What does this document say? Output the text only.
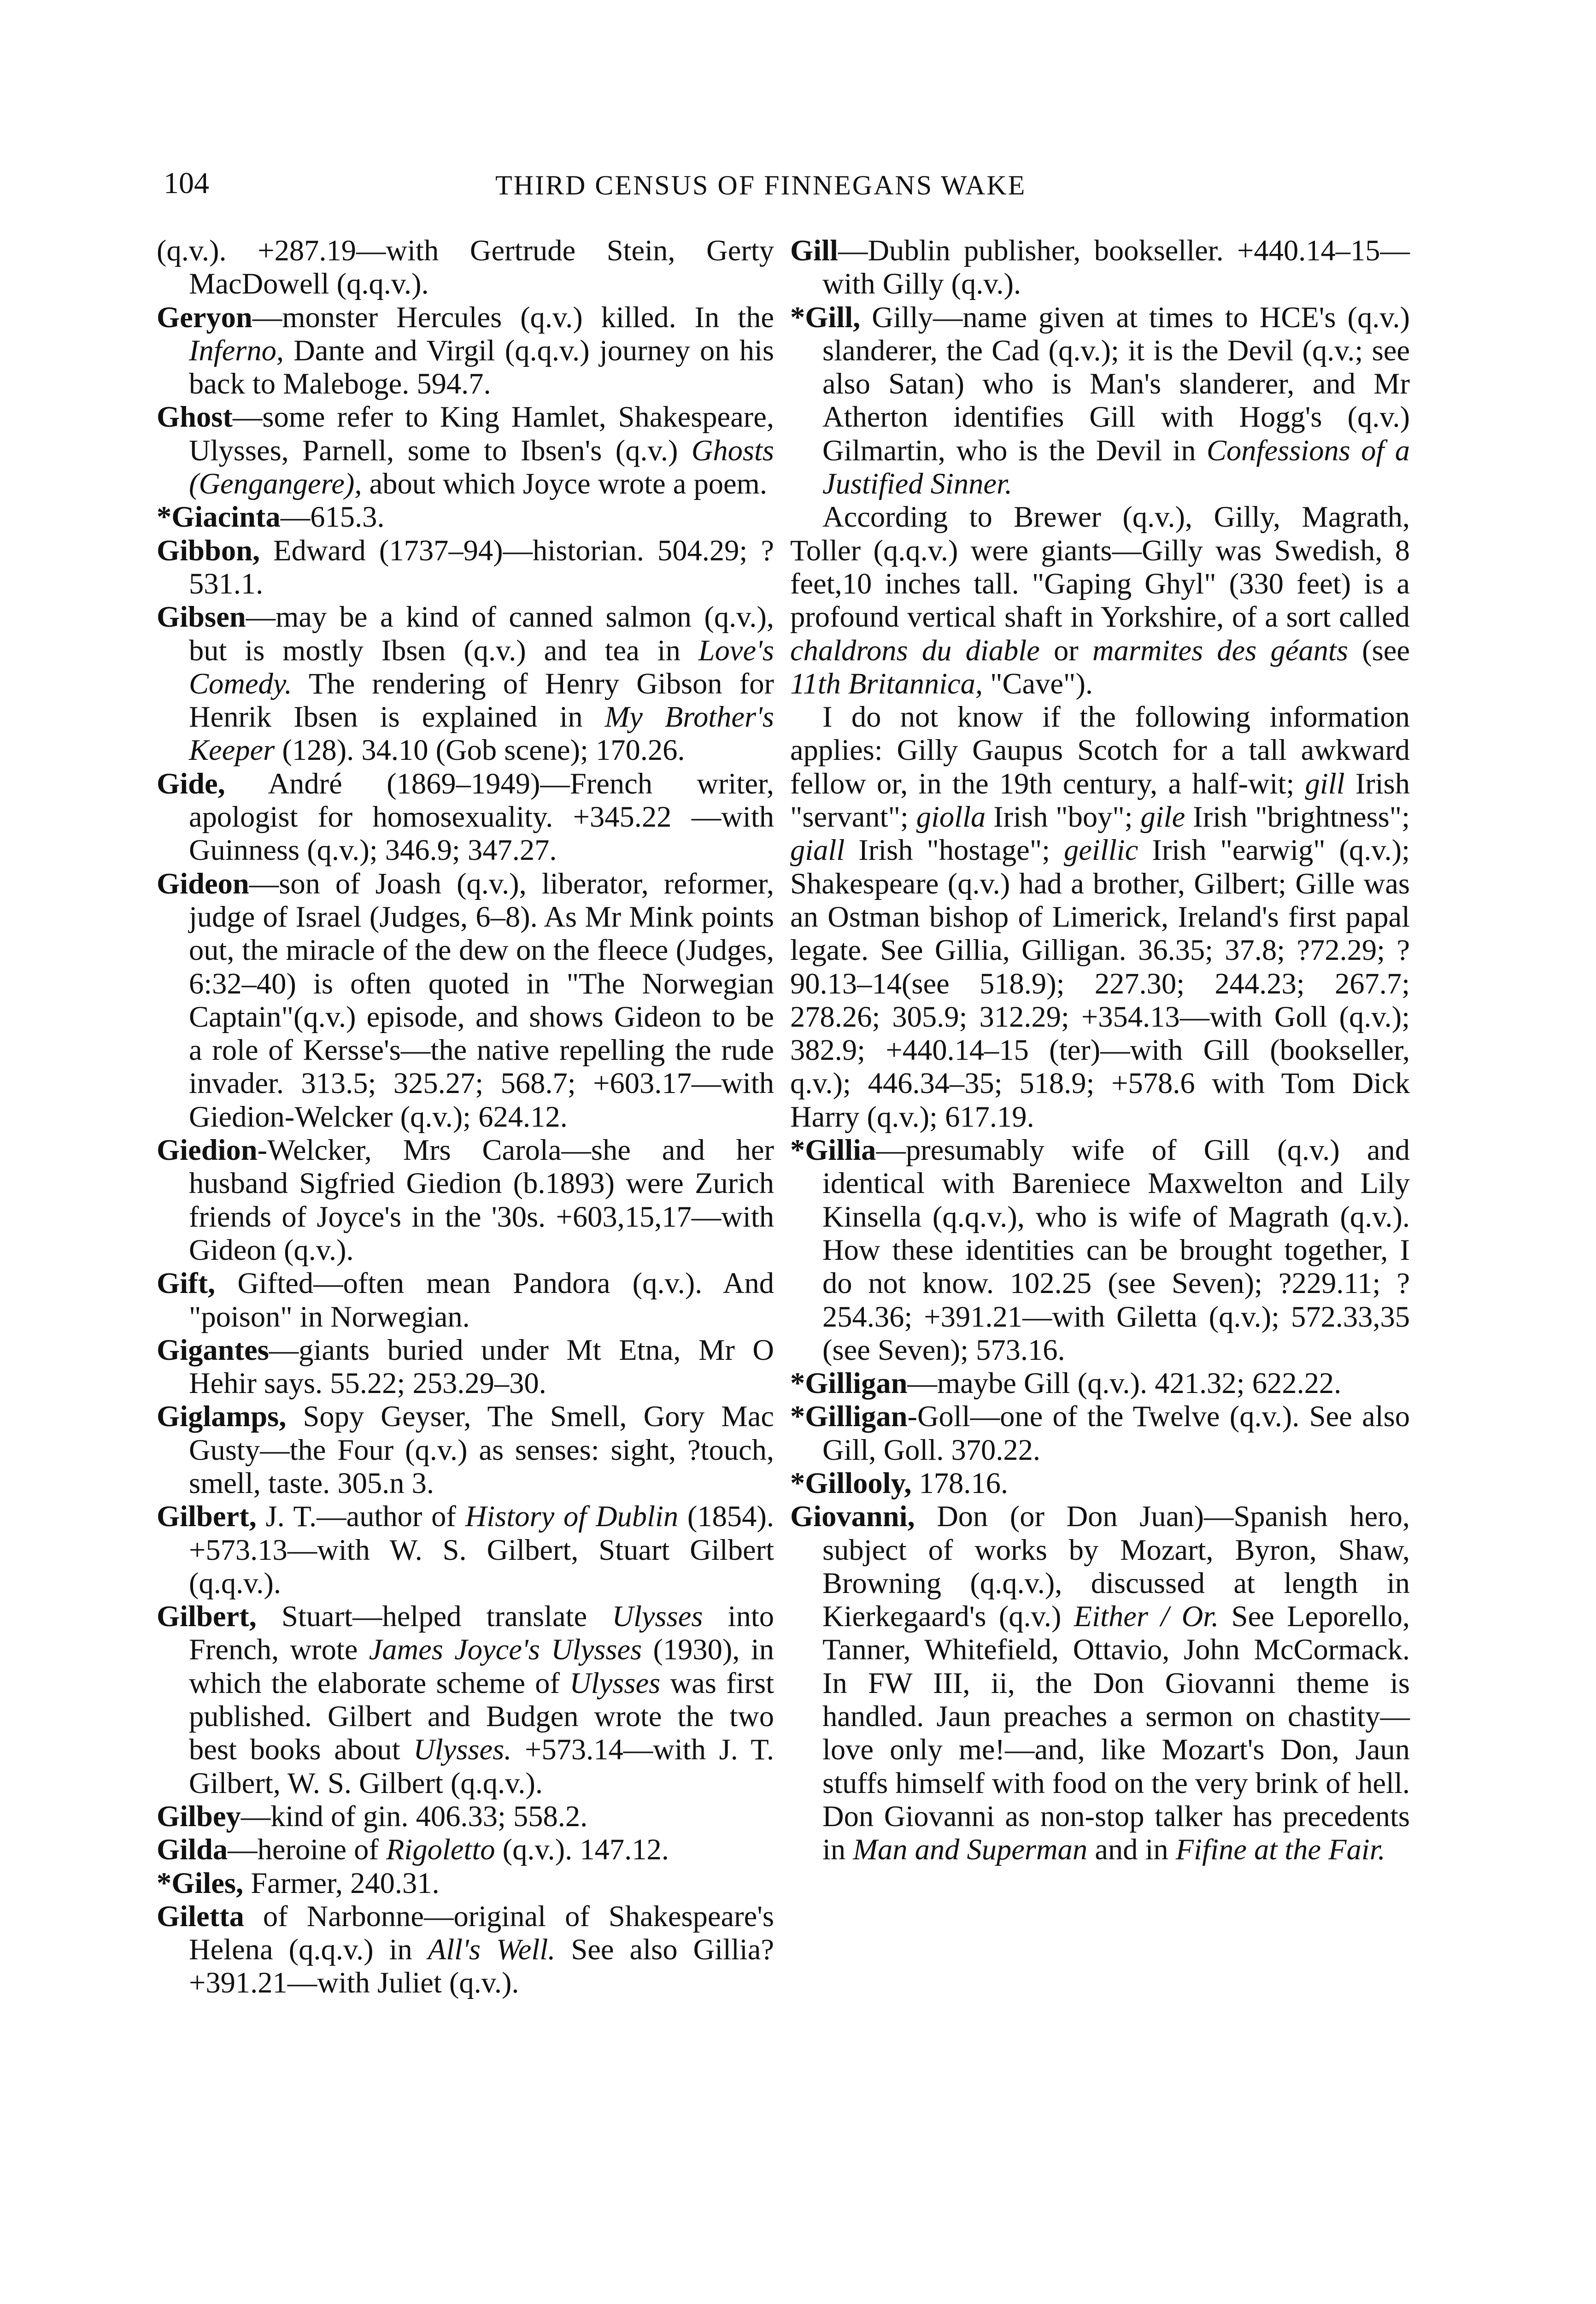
104	THIRD CENSUS OF FINNEGANS WAKE

(q.v.). +287.19—with Gertrude Stein, Gerty MacDowell (q.q.v.).

Geryon—monster Hercules (q.v.) killed. In the Inferno, Dante and Virgil (q.q.v.) journey on his back to Maleboge. 594.7.

Ghost—some refer to King Hamlet, Shakespeare, Ulysses, Parnell, some to Ibsen's (q.v.) Ghosts (Gengangere), about which Joyce wrote a poem.

*Giacinta—615.3.

Gibbon, Edward (1737–94)—historian. 504.29; ?531.1.

Gibsen—may be a kind of canned salmon (q.v.), but is mostly Ibsen (q.v.) and tea in Love's Comedy. The rendering of Henry Gibson for Henrik Ibsen is explained in My Brother's Keeper (128). 34.10 (Gob scene); 170.26.

Gide, André (1869–1949)—French writer, apologist for homosexuality. +345.22 —with Guinness (q.v.); 346.9; 347.27.

Gideon—son of Joash (q.v.), liberator, reformer, judge of Israel (Judges, 6–8). As Mr Mink points out, the miracle of the dew on the fleece (Judges, 6:32–40) is often quoted in "The Norwegian Captain"(q.v.) episode, and shows Gideon to be a role of Kersse's—the native repelling the rude invader. 313.5; 325.27; 568.7; +603.17—with Giedion-Welcker (q.v.); 624.12.

Giedion-Welcker, Mrs Carola—she and her husband Sigfried Giedion (b.1893) were Zurich friends of Joyce's in the '30s. +603,15,17—with Gideon (q.v.).

Gift, Gifted—often mean Pandora (q.v.). And "poison" in Norwegian.

Gigantes—giants buried under Mt Etna, Mr O Hehir says. 55.22; 253.29–30.

Giglamps, Sopy Geyser, The Smell, Gory Mac Gusty—the Four (q.v.) as senses: sight, ?touch, smell, taste. 305.n 3.

Gilbert, J. T.—author of History of Dublin (1854). +573.13—with W. S. Gilbert, Stuart Gilbert (q.q.v.).

Gilbert, Stuart—helped translate Ulysses into French, wrote James Joyce's Ulysses (1930), in which the elaborate scheme of Ulysses was first published. Gilbert and Budgen wrote the two best books about Ulysses. +573.14—with J. T. Gilbert, W. S. Gilbert (q.q.v.).

Gilbey—kind of gin. 406.33; 558.2.

Gilda—heroine of Rigoletto (q.v.). 147.12.

*Giles, Farmer, 240.31.

Giletta of Narbonne—original of Shakespeare's Helena (q.q.v.) in All's Well. See also Gillia? +391.21—with Juliet (q.v.).

Gill—Dublin publisher, bookseller. +440.14–15—with Gilly (q.v.).

*Gill, Gilly—name given at times to HCE's (q.v.) slanderer, the Cad (q.v.); it is the Devil (q.v.; see also Satan) who is Man's slanderer, and Mr Atherton identifies Gill with Hogg's (q.v.) Gilmartin, who is the Devil in Confessions of a Justified Sinner.

According to Brewer (q.v.), Gilly, Magrath, Toller (q.q.v.) were giants—Gilly was Swedish, 8 feet,10 inches tall. "Gaping Ghyl" (330 feet) is a profound vertical shaft in Yorkshire, of a sort called chaldrons du diable or marmites des géants (see 11th Britannica, "Cave").

I do not know if the following information applies: Gilly Gaupus Scotch for a tall awkward fellow or, in the 19th century, a half-wit; gill Irish "servant"; giolla Irish "boy"; gile Irish "brightness"; giall Irish "hostage"; geillic Irish "earwig" (q.v.); Shakespeare (q.v.) had a brother, Gilbert; Gille was an Ostman bishop of Limerick, Ireland's first papal legate. See Gillia, Gilligan. 36.35; 37.8; ?72.29; ?90.13–14(see 518.9); 227.30; 244.23; 267.7; 278.26; 305.9; 312.29; +354.13—with Goll (q.v.); 382.9; +440.14–15 (ter)—with Gill (bookseller, q.v.); 446.34–35; 518.9; +578.6 with Tom Dick Harry (q.v.); 617.19.

*Gillia—presumably wife of Gill (q.v.) and identical with Bareniece Maxwelton and Lily Kinsella (q.q.v.), who is wife of Magrath (q.v.). How these identities can be brought together, I do not know. 102.25 (see Seven); ?229.11; ?254.36; +391.21—with Giletta (q.v.); 572.33,35 (see Seven); 573.16.

*Gilligan—maybe Gill (q.v.). 421.32; 622.22.

*Gilligan-Goll—one of the Twelve (q.v.). See also Gill, Goll. 370.22.

*Gillooly, 178.16.

Giovanni, Don (or Don Juan)—Spanish hero, subject of works by Mozart, Byron, Shaw, Browning (q.q.v.), discussed at length in Kierkegaard's (q.v.) Either / Or. See Leporello, Tanner, Whitefield, Ottavio, John McCormack. In FW III, ii, the Don Giovanni theme is handled. Jaun preaches a sermon on chastity—love only me!—and, like Mozart's Don, Jaun stuffs himself with food on the very brink of hell. Don Giovanni as non-stop talker has precedents in Man and Superman and in Fifine at the Fair.
